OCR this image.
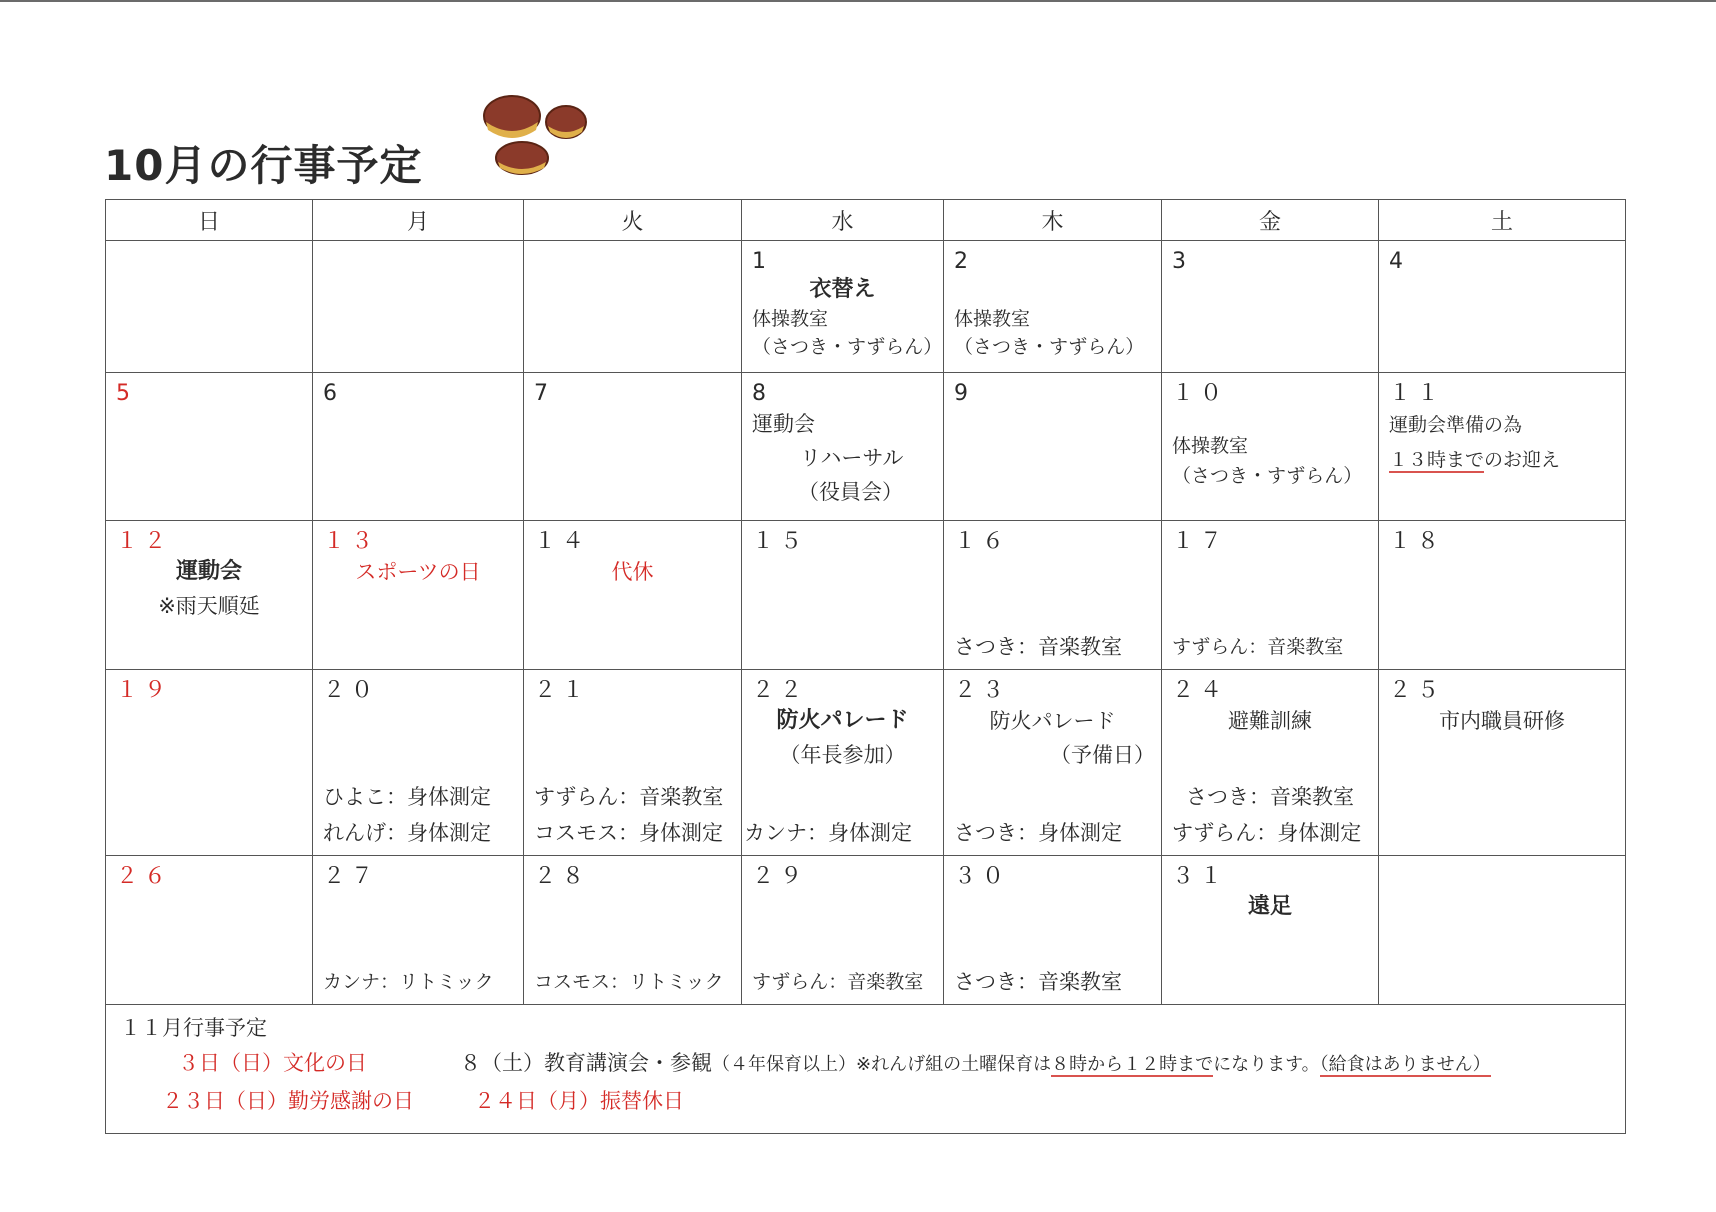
10月の行事予定
日	月	火	水	木	金	土

			1
衣替え
体操教室
（さつき・すずらん）	2

体操教室
（さつき・すずらん）	3	4

5	6	7	8
運動会
リハーサル
（役員会）	9	１０
体操教室
（さつき・すずらん）	１１
運動会準備の為
１３時までのお迎え

１２
運動会
※雨天順延	１３
スポーツの日	１４
代休	１５	１６
さつき：音楽教室	１７
すずらん：音楽教室	１８

１９	２０
ひよこ：身体測定
れんげ：身体測定	２１
すずらん：音楽教室
コスモス：身体測定	２２
防火パレード
（年長参加）
カンナ：身体測定	２３
防火パレード
（予備日）
さつき：身体測定	２４
避難訓練
さつき：音楽教室
すずらん：身体測定	２５
市内職員研修

２６	２７
カンナ：リトミック	２８
コスモス：リトミック	２９
すずらん：音楽教室	３０
さつき：音楽教室	３１
遠足	

１１月行事予定
３日（日）文化の日 ８（土）教育講演会・参観（４年保育以上）※れんげ組の土曜保育は８時から１２時までになります。（給食はありません）
２３日（日）勤労感謝の日 ２４日（月）振替休日						
